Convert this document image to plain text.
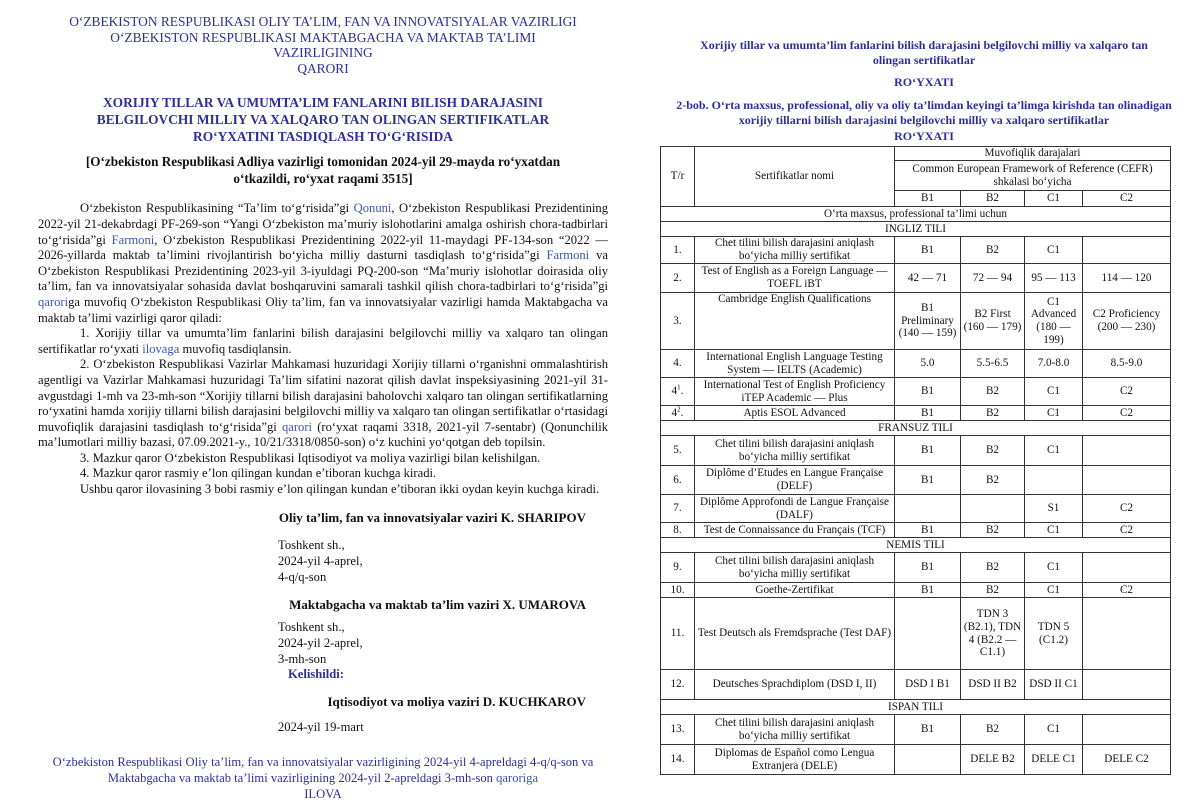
O‘ZBEKISTON RESPUBLIKASI OLIY TA’LIM, FAN VA INNOVATSIYALAR VAZIRLIGI
O‘ZBEKISTON RESPUBLIKASI MAKTABGACHA VA MAKTAB TA’LIMI
VAZIRLIGINING
QARORI
XORIJIY TILLAR VA UMUMTA’LIM FANLARINI BILISH DARAJASINI
BELGILOVCHI MILLIY VA XALQARO TAN OLINGAN SERTIFIKATLAR
RO‘YXATINI TASDIQLASH TO‘G‘RISIDA
[O‘zbekiston Respublikasi Adliya vazirligi tomonidan 2024-yil 29-mayda ro‘yxatdan
o‘tkazildi, ro‘yxat raqami 3515]

O‘zbekiston Respublikasining “Ta’lim to‘g‘risida”gi Qonuni, O‘zbekiston Respublikasi Prezidentining 2022-yil 21-dekabrdagi PF-269-son “Yangi O‘zbekiston ma’muriy islohotlarini amalga oshirish chora-tadbirlari to‘g‘risida”gi Farmoni, O‘zbekiston Respublikasi Prezidentining 2022-yil 11-maydagi PF-134-son “2022 — 2026-yillarda maktab ta’limini rivojlantirish bo‘yicha milliy dasturni tasdiqlash to‘g‘risida”gi Farmoni va O‘zbekiston Respublikasi Prezidentining 2023-yil 3-iyuldagi PQ-200-son “Ma’muriy islohotlar doirasida oliy ta’lim, fan va innovatsiyalar sohasida davlat boshqaruvini samarali tashkil qilish chora-tadbirlari to‘g‘risida”gi qaroriga muvofiq O‘zbekiston Respublikasi Oliy ta’lim, fan va innovatsiyalar vazirligi hamda Maktabgacha va maktab ta’limi vazirligi qaror qiladi:

1. Xorijiy tillar va umumta’lim fanlarini bilish darajasini belgilovchi milliy va xalqaro tan olingan sertifikatlar ro‘yxati ilovaga muvofiq tasdiqlansin.

2. O‘zbekiston Respublikasi Vazirlar Mahkamasi huzuridagi Xorijiy tillarni o‘rganishni ommalashtirish agentligi va Vazirlar Mahkamasi huzuridagi Ta’lim sifatini nazorat qilish davlat inspeksiyasining 2021-yil 31-avgustdagi 1-mh va 23-mh-son “Xorijiy tillarni bilish darajasini baholovchi xalqaro tan olingan sertifikatlarning ro‘yxatini hamda xorijiy tillarni bilish darajasini belgilovchi milliy va xalqaro tan olingan sertifikatlar o‘rtasidagi muvofiqlik darajasini tasdiqlash to‘g‘risida”gi qarori (ro‘yxat raqami 3318, 2021-yil 7-sentabr) (Qonunchilik ma’lumotlari milliy bazasi, 07.09.2021-y., 10/21/3318/0850-son) o‘z kuchini yo‘qotgan deb topilsin.

3. Mazkur qaror O‘zbekiston Respublikasi Iqtisodiyot va moliya vazirligi bilan kelishilgan.

4. Mazkur qaror rasmiy e’lon qilingan kundan e’tiboran kuchga kiradi.

Ushbu qaror ilovasining 3 bobi rasmiy e’lon qilingan kundan e’tiboran ikki oydan keyin kuchga kiradi.

Oliy ta’lim, fan va innovatsiyalar vaziri K. SHARIPOV
Toshkent sh.,
2024-yil 4-aprel,
4-q/q-son
Maktabgacha va maktab ta’lim vaziri X. UMAROVA
Toshkent sh.,
2024-yil 2-aprel,
3-mh-son
Kelishildi:
Iqtisodiyot va moliya vaziri D. KUCHKAROV
2024-yil 19-mart
O‘zbekiston Respublikasi Oliy ta’lim, fan va innovatsiyalar vazirligining 2024-yil 4-apreldagi 4-q/q-son va Maktabgacha va maktab ta’limi vazirligining 2024-yil 2-apreldagi 3-mh-son qaroriga
ILOVA
Xorijiy tillar va umumta’lim fanlarini bilish darajasini belgilovchi milliy va xalqaro tan olingan sertifikatlar
RO‘YXATI
2-bob. O‘rta maxsus, professional, oliy va oliy ta’limdan keyingi ta’limga kirishda tan olinadigan xorijiy tillarni bilish darajasini belgilovchi milliy va xalqaro sertifikatlar
RO‘YXATI
T/r	Sertifikatlar nomi	Muvofiqlik darajalari			
		Common European Framework of Reference (CEFR) shkalasi bo‘yicha			
		B1	B2	C1	C2
O‘rta maxsus, professional ta’limi uchun					
INGLIZ TILI					
1.	Chet tilini bilish darajasini aniqlash bo‘yicha milliy sertifikat	B1	B2	C1	
2.	Test of English as a Foreign Language — TOEFL iBT	42 — 71	72 — 94	95 — 113	114 — 120
3.	Cambridge English Qualifications	B1 Preliminary (140 — 159)	B2 First (160 — 179)	C1 Advanced (180 — 199)	C2 Proficiency (200 — 230)
4.	International English Language Testing System — IELTS (Academic)	5.0	5.5-6.5	7.0-8.0	8.5-9.0
$4^1$.	International Test of English Proficiency iTEP Academic — Plus	B1	B2	C1	C2
$4^2$.	Aptis ESOL Advanced	B1	B2	C1	C2
FRANSUZ TILI					
5.	Chet tilini bilish darajasini aniqlash bo‘yicha milliy sertifikat	B1	B2	C1	
6.	Diplôme d’Etudes en Langue Française (DELF)	B1	B2		
7.	Diplôme Approfondi de Langue Française (DALF)			S1	C2
8.	Test de Connaissance du Français (TCF)	B1	B2	C1	C2
NEMIS TILI					
9.	Chet tilini bilish darajasini aniqlash bo‘yicha milliy sertifikat	B1	B2	C1	
10.	Goethe-Zertifikat	B1	B2	C1	C2
11.	Test Deutsch als Fremdsprache (Test DAF)		TDN 3 (B2.1), TDN 4 (B2.2 — C1.1)	TDN 5 (C1.2)	
12.	Deutsches Sprachdiplom (DSD I, II)	DSD I B1	DSD II B2	DSD II C1	
ISPAN TILI					
13.	Chet tilini bilish darajasini aniqlash bo‘yicha milliy sertifikat	B1	B2	C1	
14.	Diplomas de Español como Lengua Extranjera (DELE)		DELE B2	DELE C1	DELE C2
